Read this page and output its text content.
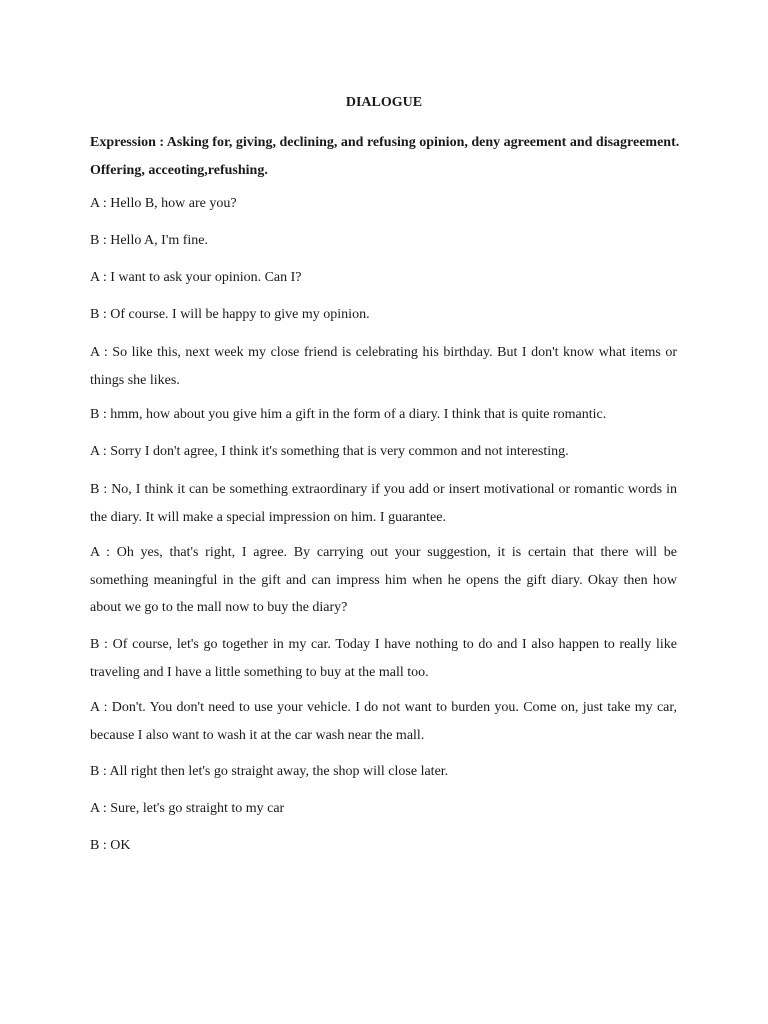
DIALOGUE
Expression : Asking for, giving, declining, and refusing opinion, deny agreement and disagreement. Offering, acceoting,refushing.
A : Hello B, how are you?
B : Hello A, I'm fine.
A : I want to ask your opinion. Can I?
B : Of course. I will be happy to give my opinion.
A : So like this, next week my close friend is celebrating his birthday. But I don't know what items or things she likes.
B : hmm, how about you give him a gift in the form of a diary. I think that is quite romantic.
A : Sorry I don't agree, I think it's something that is very common and not interesting.
B : No, I think it can be something extraordinary if you add or insert motivational or romantic words in the diary. It will make a special impression on him. I guarantee.
A : Oh yes, that's right, I agree. By carrying out your suggestion, it is certain that there will be something meaningful in the gift and can impress him when he opens the gift diary. Okay then how about we go to the mall now to buy the diary?
B : Of course, let's go together in my car. Today I have nothing to do and I also happen to really like traveling and I have a little something to buy at the mall too.
A : Don't. You don't need to use your vehicle. I do not want to burden you. Come on, just take my car, because I also want to wash it at the car wash near the mall.
B : All right then let's go straight away, the shop will close later.
A : Sure, let's go straight to my car
B : OK
